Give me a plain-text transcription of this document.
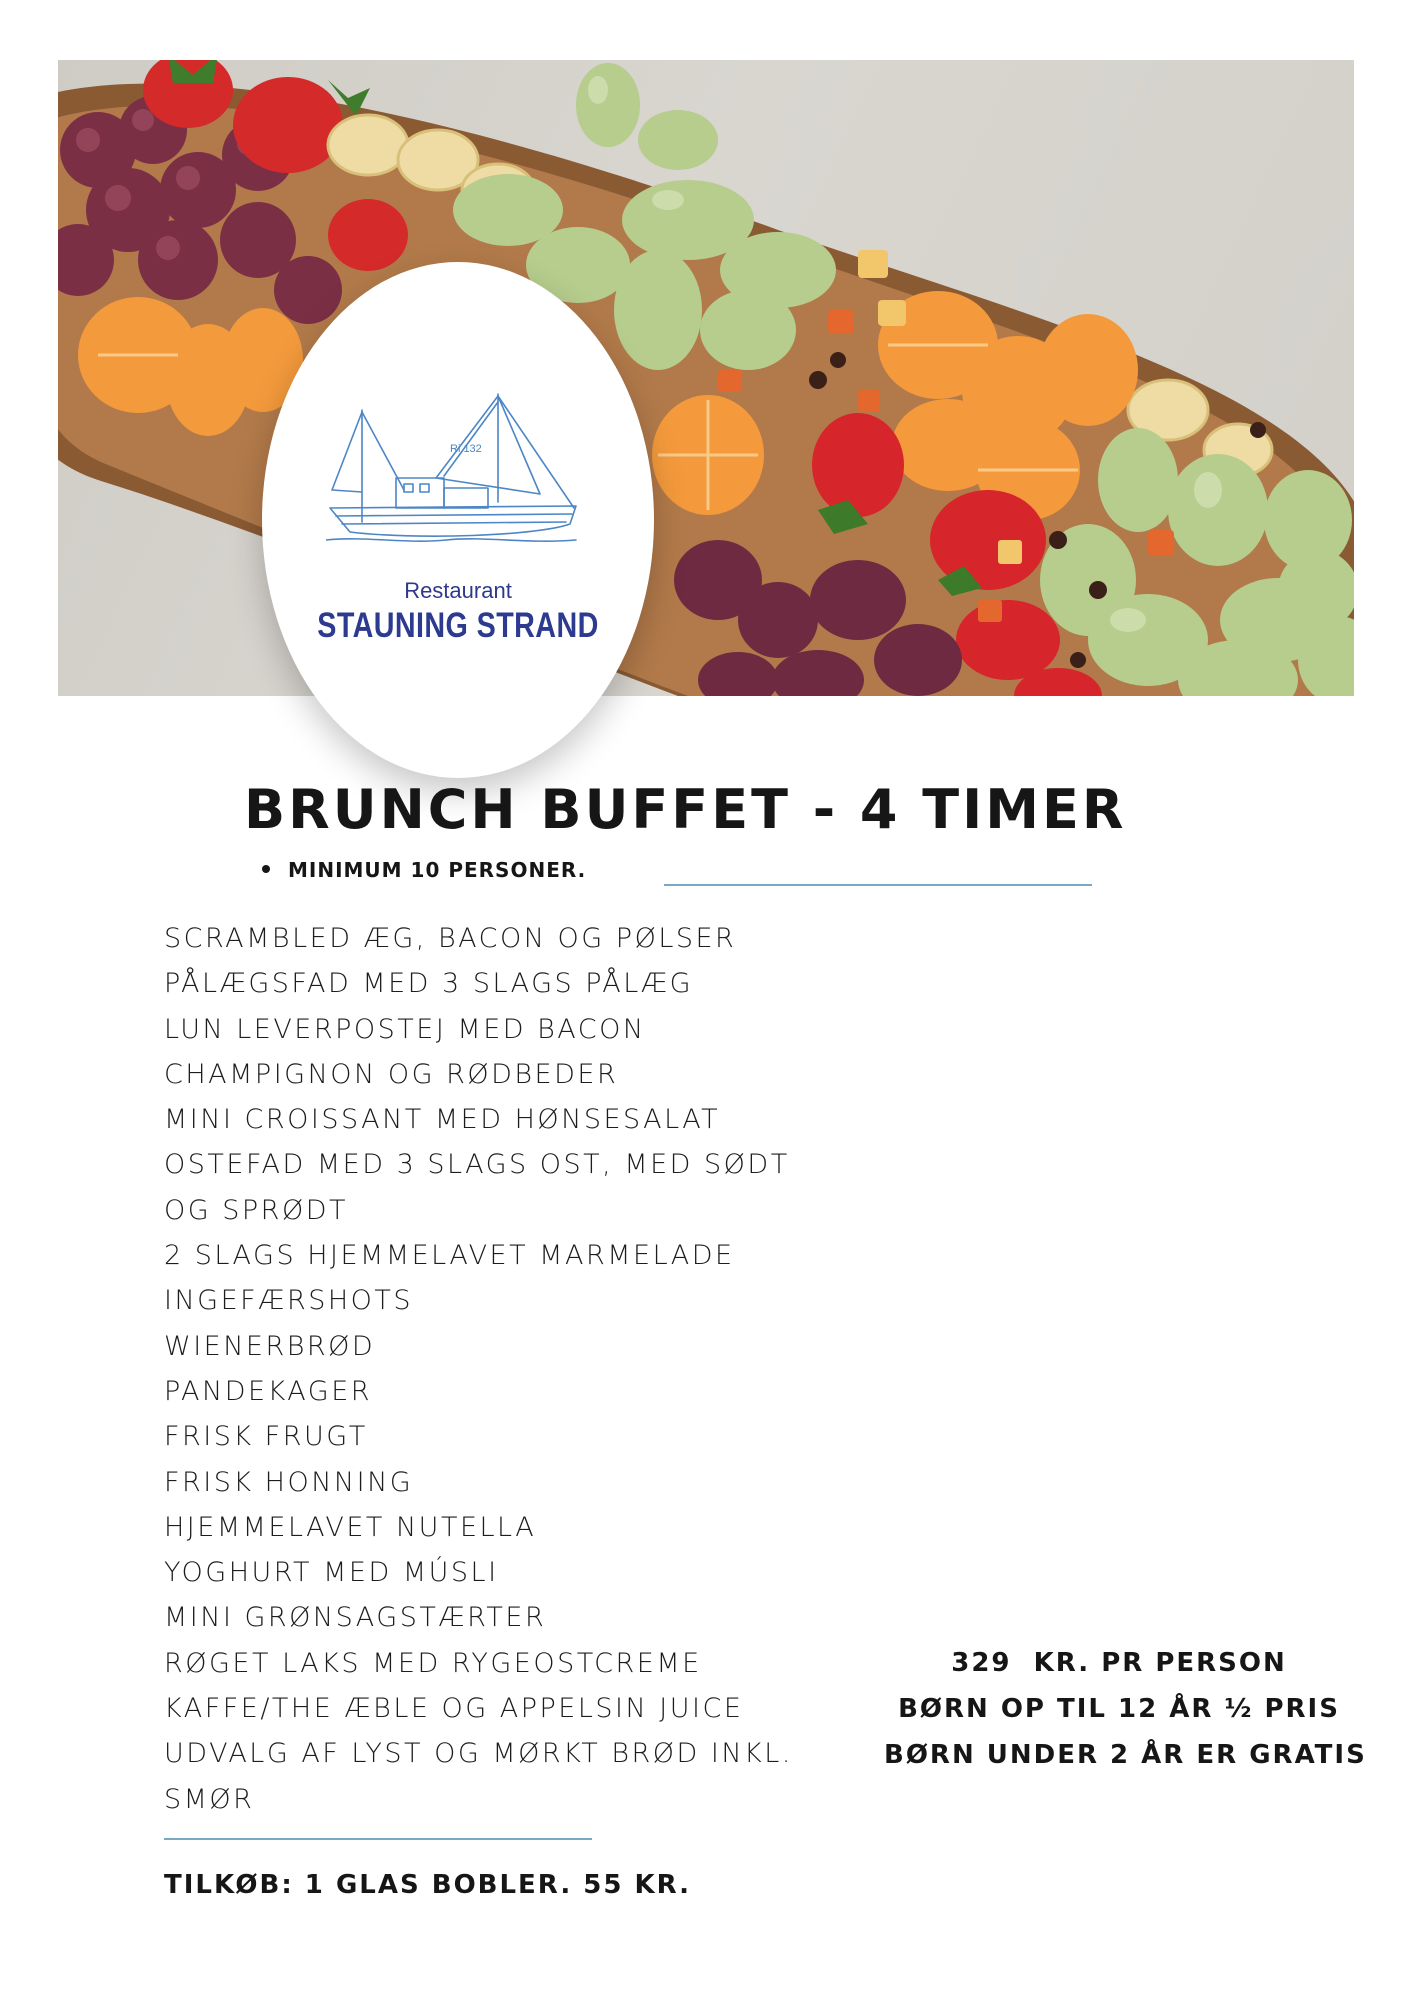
Ri 132
Restaurant
STAUNING STRAND
BRUNCH BUFFET - 4 TIMER
MINIMUM 10 PERSONER.
SCRAMBLED ÆG, BACON OG PØLSER
PÅLÆGSFAD MED 3 SLAGS PÅLÆG
LUN LEVERPOSTEJ MED BACON
CHAMPIGNON OG RØDBEDER
MINI CROISSANT MED HØNSESALAT
OSTEFAD MED 3 SLAGS OST, MED SØDT
OG SPRØDT
2 SLAGS HJEMMELAVET MARMELADE
INGEFÆRSHOTS
WIENERBRØD
PANDEKAGER
FRISK FRUGT
FRISK HONNING
HJEMMELAVET NUTELLA
YOGHURT MED MÚSLI
MINI GRØNSAGSTÆRTER
RØGET LAKS MED RYGEOSTCREME
KAFFE/THE ÆBLE OG APPELSIN JUICE
UDVALG AF LYST OG MØRKT BRØD INKL.
SMØR
329  KR. PR PERSON
BØRN OP TIL 12 ÅR ½ PRIS
BØRN UNDER 2 ÅR ER GRATIS
TILKØB: 1 GLAS BOBLER. 55 KR.
